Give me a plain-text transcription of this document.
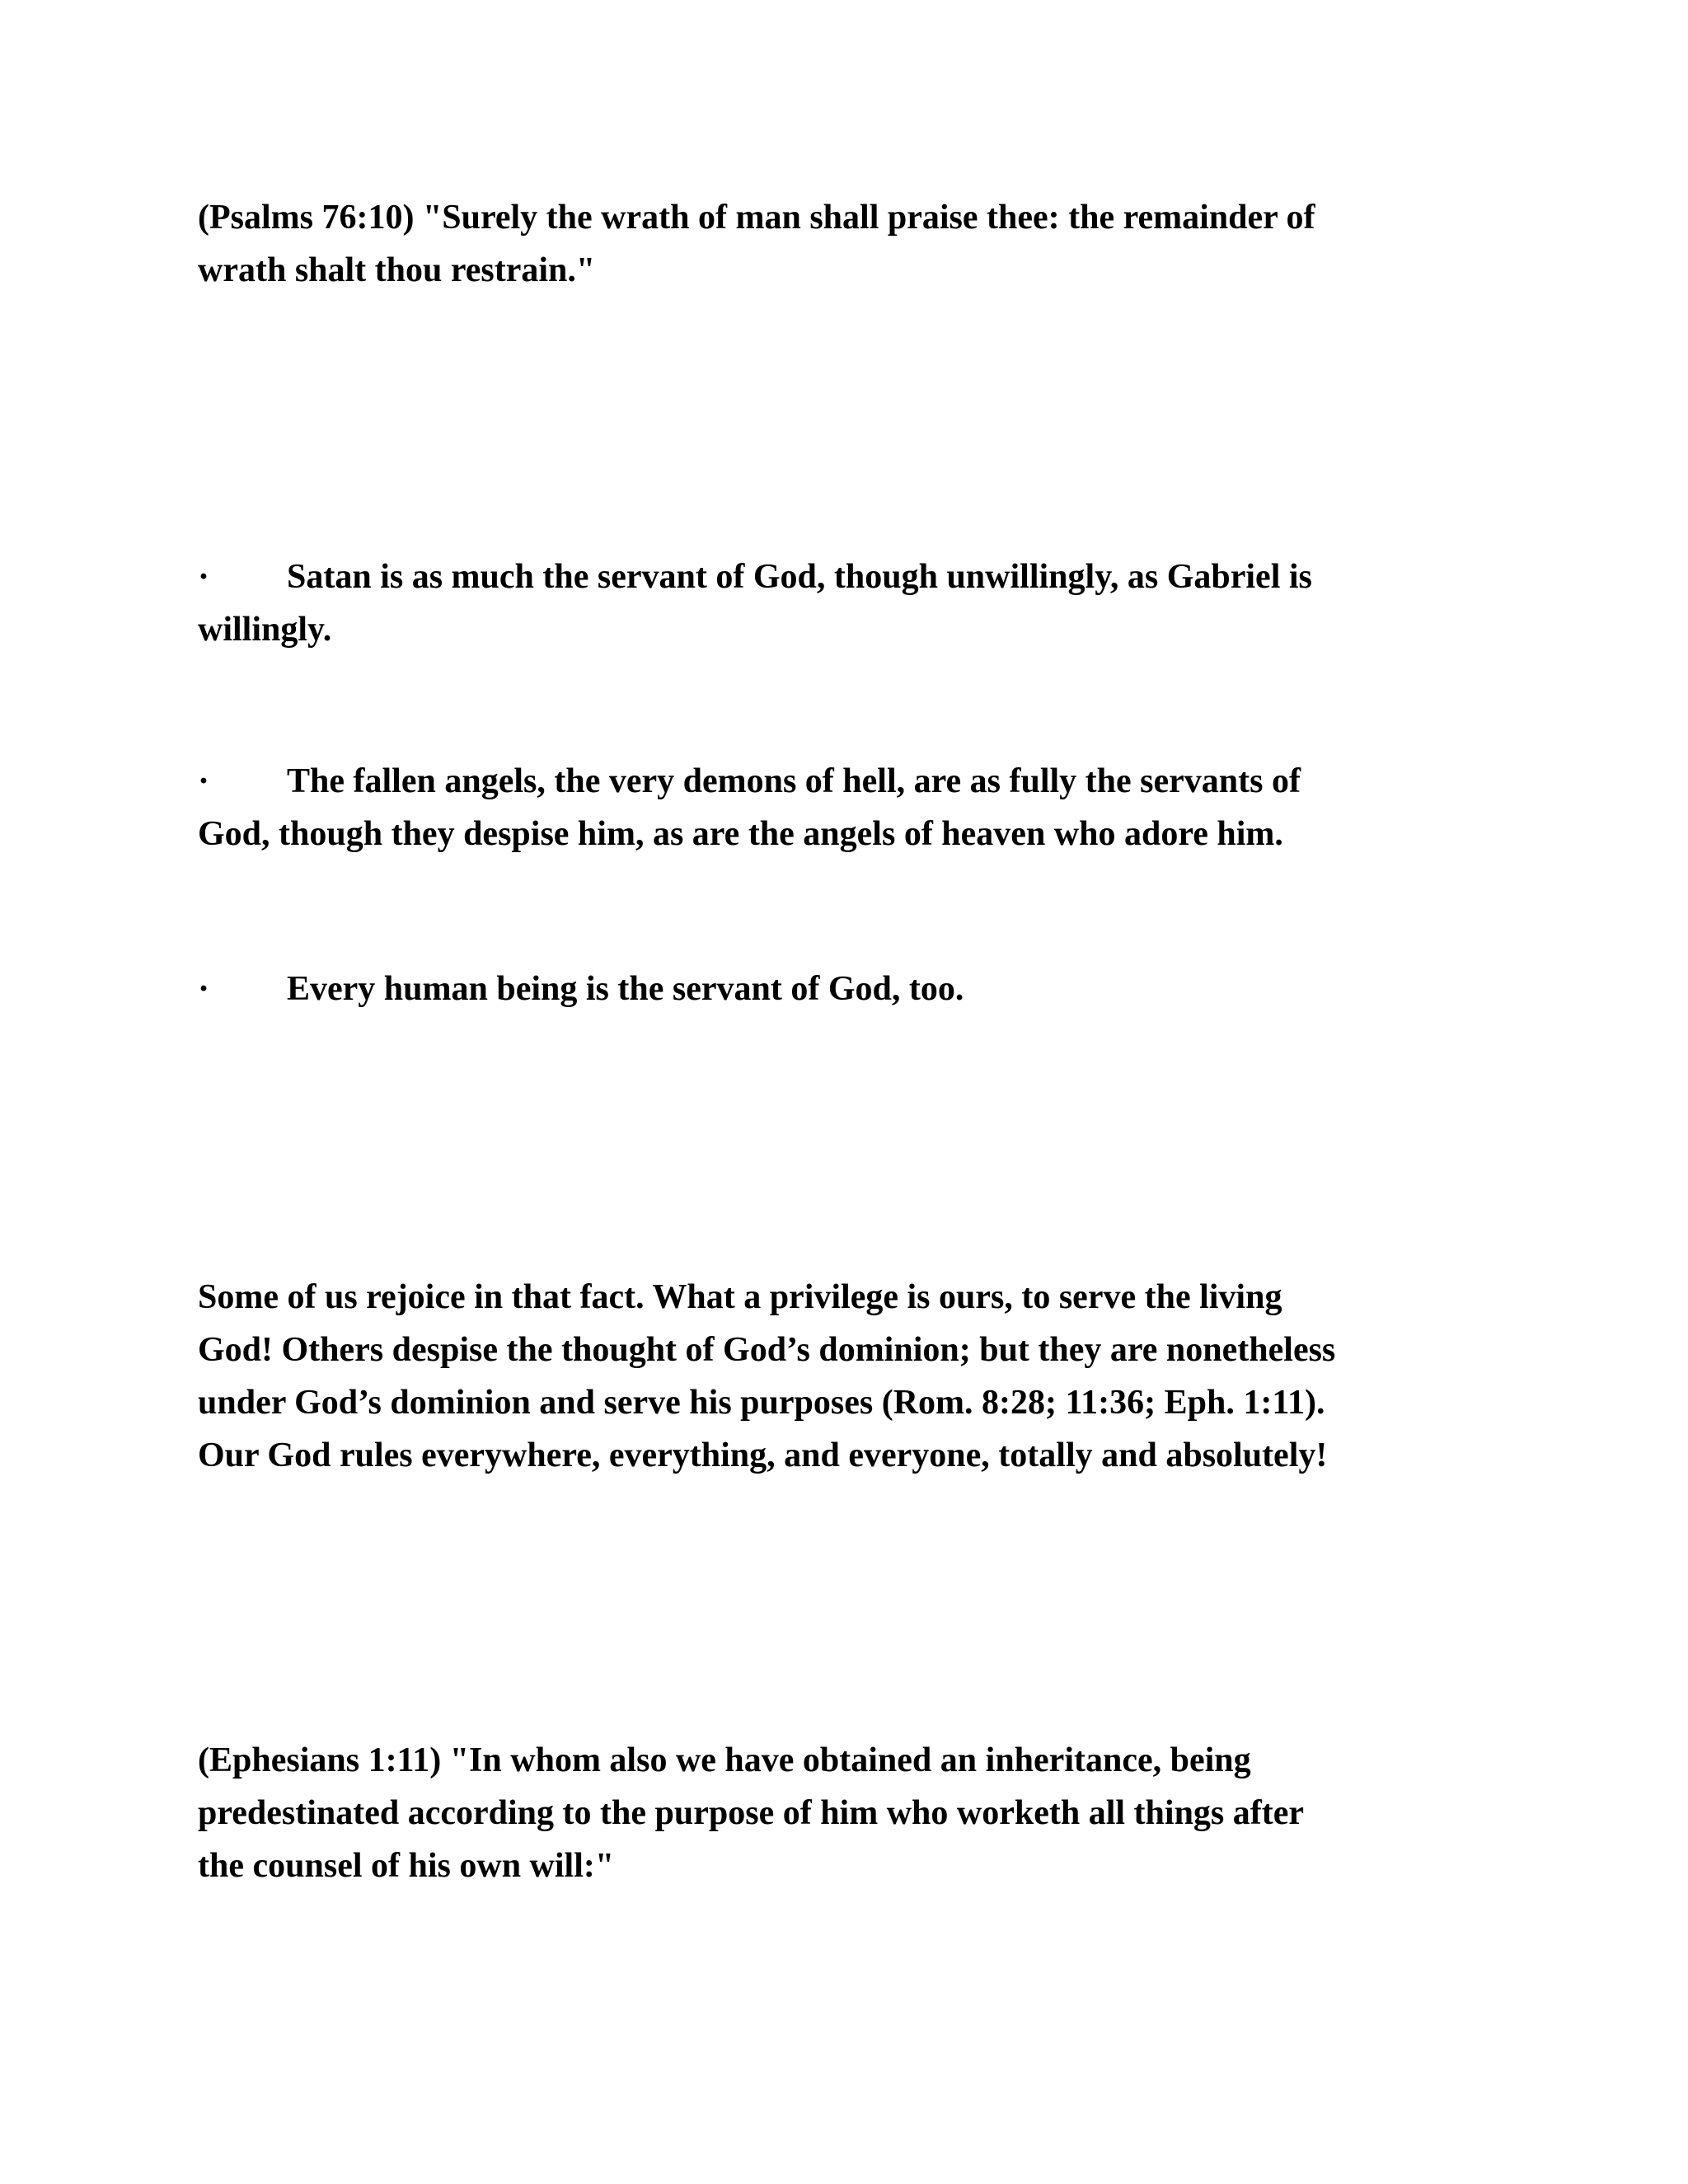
(Psalms 76:10) "Surely the wrath of man shall praise thee: the remainder of
wrath shalt thou restrain."

· Satan is as much the servant of God, though unwillingly, as Gabriel is
willingly.

· The fallen angels, the very demons of hell, are as fully the servants of
God, though they despise him, as are the angels of heaven who adore him.

· Every human being is the servant of God, too.

Some of us rejoice in that fact. What a privilege is ours, to serve the living
God! Others despise the thought of God’s dominion; but they are nonetheless
under God’s dominion and serve his purposes (Rom. 8:28; 11:36; Eph. 1:11).
Our God rules everywhere, everything, and everyone, totally and absolutely!

(Ephesians 1:11) "In whom also we have obtained an inheritance, being
predestinated according to the purpose of him who worketh all things after
the counsel of his own will:"
